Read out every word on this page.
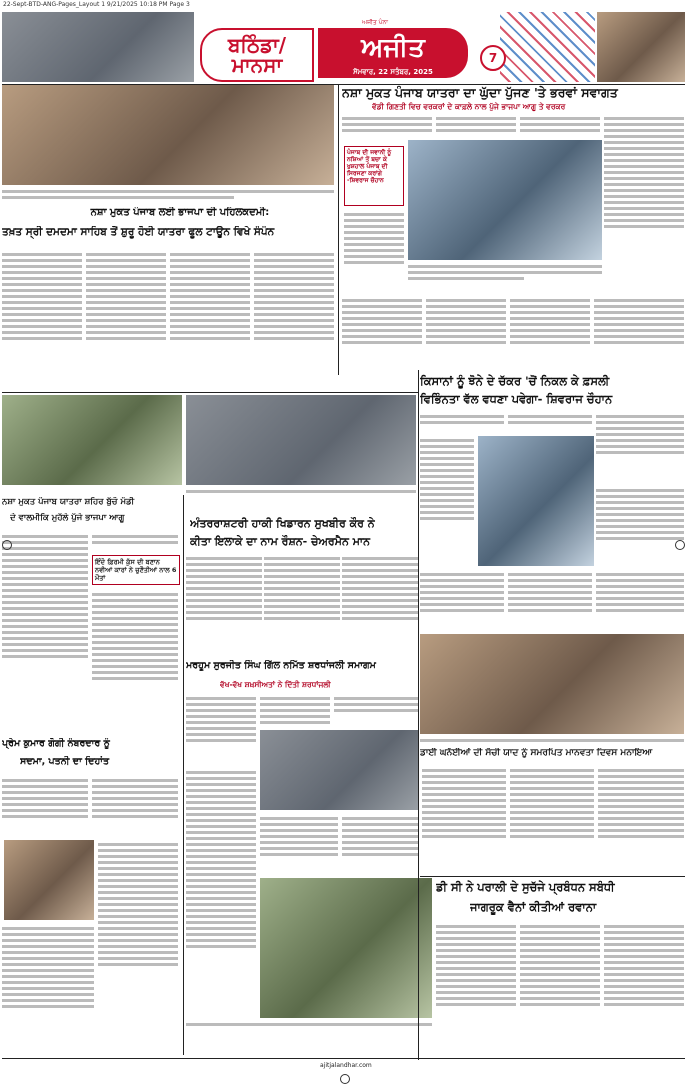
22-Sept-BTD-ANG-Pages_Layout 1 9/21/2025 10:18 PM Page 3
ਅਜੀਤ ਪੰਨਾ
ਬਠਿੰਡਾ/
ਮਾਨਸਾ
ਅਜੀਤ
ਸੋਮਵਾਰ, 22 ਸਤੰਬਰ, 2025
7
ਨਸ਼ਾ ਮੁਕਤ ਪੰਜਾਬ ਯਾਤਰਾ ਦਾ ਘੁੱਦਾ ਪੁੱਜਣ 'ਤੇ ਭਰਵਾਂ ਸਵਾਗਤ
ਵੱਡੀ ਗਿਣਤੀ ਵਿਚ ਵਰਕਰਾਂ ਦੇ ਕਾਫ਼ਲੇ ਨਾਲ ਪੁੱਜੇ ਭਾਜਪਾ ਆਗੂ ਤੇ ਵਰਕਰ
ਪੰਜਾਬ ਦੀ ਜਵਾਨੀ ਨੂੰ ਨਸ਼ਿਆਂ ਤੋਂ ਬਚਾ ਕੇ ਖੁਸ਼ਹਾਲ ਪੰਜਾਬ ਦੀ ਸਿਰਜਣਾ ਕਰਾਂਗੇ -ਸ਼ਿਵਰਾਜ ਚੌਹਾਨ
ਨਸ਼ਾ ਮੁਕਤ ਪੰਜਾਬ ਲਈ ਭਾਜਪਾ ਦੀ ਪਹਿਲਕਦਮੀ:
ਤਖ਼ਤ ਸ੍ਰੀ ਦਮਦਮਾ ਸਾਹਿਬ ਤੋਂ ਸ਼ੁਰੂ ਹੋਈ ਯਾਤਰਾ ਫੂਲ ਟਾਊਨ ਵਿਖੇ ਸੰਪੰਨ
ਕਿਸਾਨਾਂ ਨੂੰ ਝੋਨੇ ਦੇ ਚੱਕਰ 'ਚੋਂ ਨਿਕਲ ਕੇ ਫ਼ਸਲੀ
ਵਿਭਿੰਨਤਾ ਵੱਲ ਵਧਣਾ ਪਵੇਗਾ- ਸ਼ਿਵਰਾਜ ਚੌਹਾਨ
ਨਸ਼ਾ ਮੁਕਤ ਪੰਜਾਬ ਯਾਤਰਾ ਸ਼ਹਿਰ ਬੁੱਚੋ ਮੰਡੀ
ਦੇ ਵਾਲਮੀਕਿ ਮੁਹੱਲੇ ਪੁੱਜੇ ਭਾਜਪਾ ਆਗੂ
ਇੰਦੋ ਫ਼ਿਰਮੀ ਕੁੱਸ ਦੀ ਬਣਾਨ ਨਵੀਆਂ ਕਾਰਾਂ ਨੇ ਚੁਣੌਤੀਆਂ ਨਾਲ 6 ਮੌਤਾਂ
ਅੰਤਰਰਾਸ਼ਟਰੀ ਹਾਕੀ ਖਿਡਾਰਨ ਸੁਖਬੀਰ ਕੌਰ ਨੇ
ਕੀਤਾ ਇਲਾਕੇ ਦਾ ਨਾਮ ਰੌਸ਼ਨ- ਚੇਅਰਮੈਨ ਮਾਨ
ਮਰਹੂਮ ਸੁਰਜੀਤ ਸਿੰਘ ਗਿੱਲ ਨਮਿੱਤ ਸ਼ਰਧਾਂਜਲੀ ਸਮਾਗਮ
ਵੱਖ-ਵੱਖ ਸ਼ਖ਼ਸੀਅਤਾਂ ਨੇ ਦਿੱਤੀ ਸ਼ਰਧਾਂਜਲੀ
ਪ੍ਰੇਮ ਕੁਮਾਰ ਗੋਗੀ ਨੰਬਰਦਾਰ ਨੂੰ
ਸਦਮਾ, ਪਤਨੀ ਦਾ ਦਿਹਾਂਤ
ਡਾਈ ਘਨੱਈਆਂ ਦੀ ਸੋਚੀ ਯਾਦ ਨੂੰ ਸਮਰਪਿਤ ਮਾਨਵਤਾ ਦਿਵਸ ਮਨਾਇਆ
ਡੀ ਸੀ ਨੇ ਪਰਾਲੀ ਦੇ ਸੁਚੱਜੇ ਪ੍ਰਬੰਧਨ ਸਬੰਧੀ
ਜਾਗਰੂਕ ਵੈਨਾਂ ਕੀਤੀਆਂ ਰਵਾਨਾ
ajitjalandhar.com
